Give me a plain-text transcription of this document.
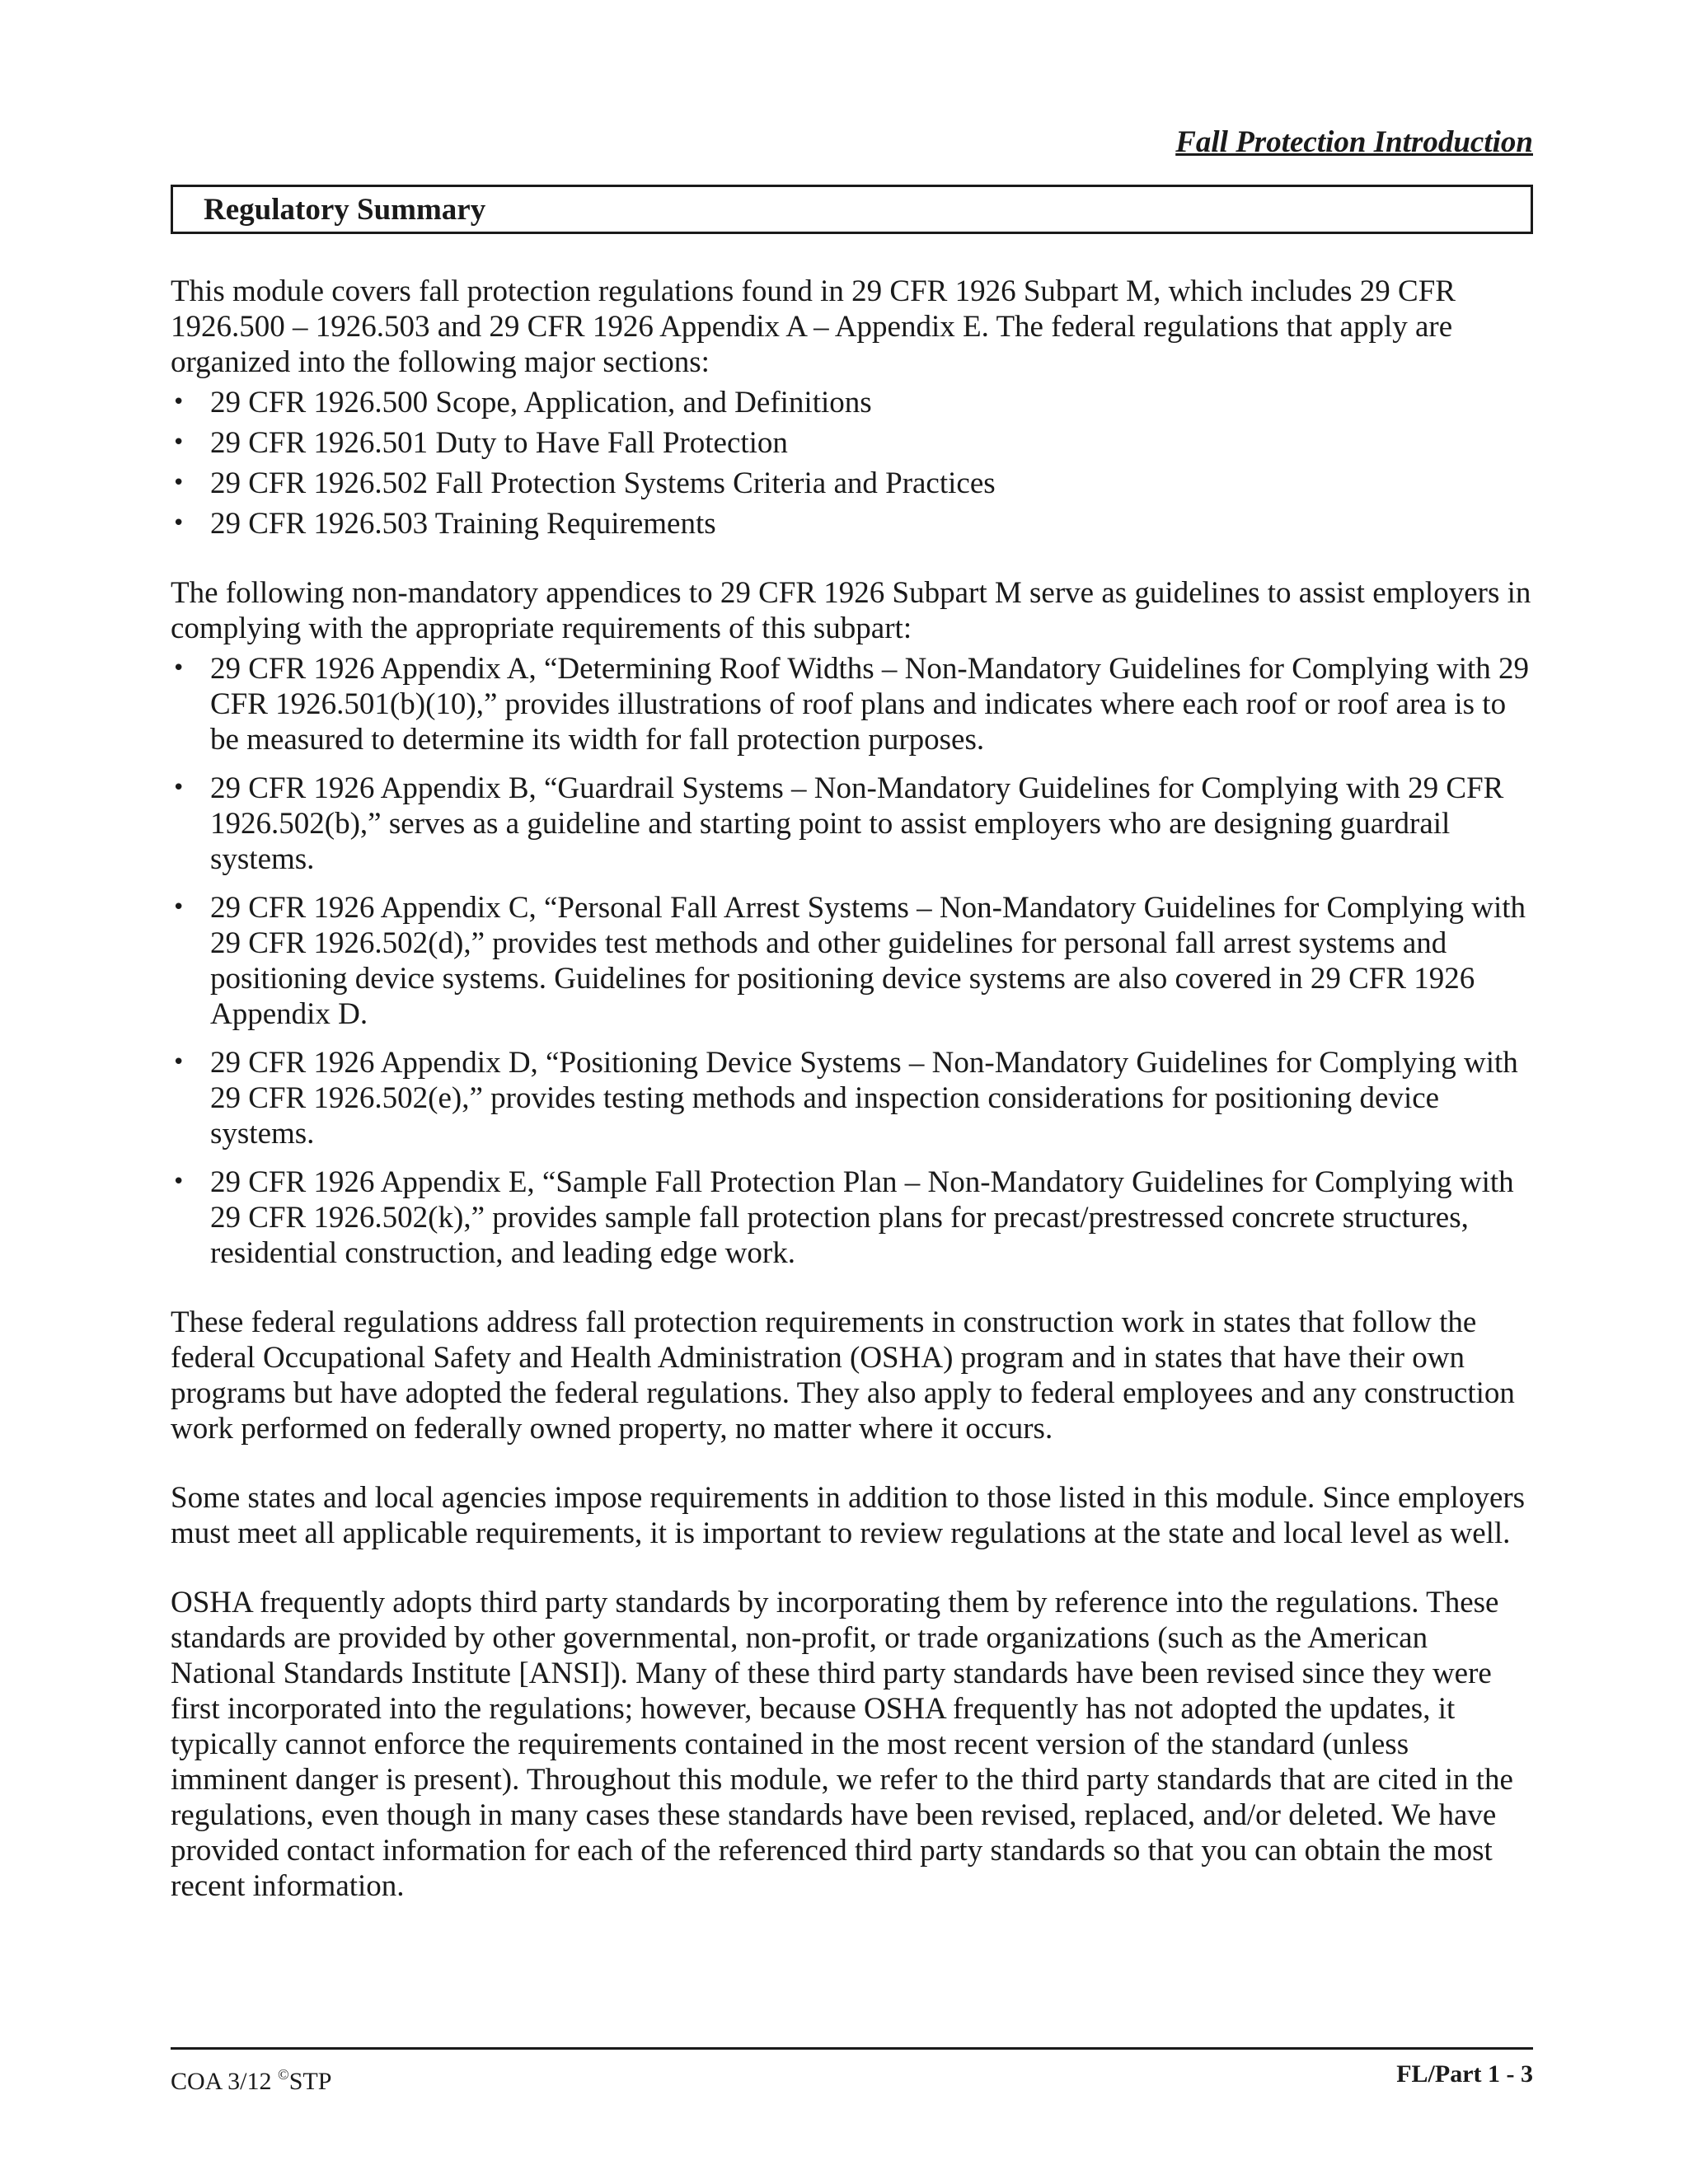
Fall Protection Introduction
Regulatory Summary

This module covers fall protection regulations found in 29 CFR 1926 Subpart M, which includes 29 CFR 1926.500 – 1926.503 and 29 CFR 1926 Appendix A – Appendix E. The federal regulations that apply are organized into the following major sections:

• 29 CFR 1926.500 Scope, Application, and Definitions
• 29 CFR 1926.501 Duty to Have Fall Protection
• 29 CFR 1926.502 Fall Protection Systems Criteria and Practices
• 29 CFR 1926.503 Training Requirements

The following non-mandatory appendices to 29 CFR 1926 Subpart M serve as guidelines to assist employers in complying with the appropriate requirements of this subpart:

• 29 CFR 1926 Appendix A, “Determining Roof Widths – Non-Mandatory Guidelines for Complying with 29 CFR 1926.501(b)(10),” provides illustrations of roof plans and indicates where each roof or roof area is to be measured to determine its width for fall protection purposes.
• 29 CFR 1926 Appendix B, “Guardrail Systems – Non-Mandatory Guidelines for Complying with 29 CFR 1926.502(b),” serves as a guideline and starting point to assist employers who are designing guardrail systems.
• 29 CFR 1926 Appendix C, “Personal Fall Arrest Systems – Non-Mandatory Guidelines for Complying with 29 CFR 1926.502(d),” provides test methods and other guidelines for personal fall arrest systems and positioning device systems. Guidelines for positioning device systems are also covered in 29 CFR 1926 Appendix D.
• 29 CFR 1926 Appendix D, “Positioning Device Systems – Non-Mandatory Guidelines for Complying with 29 CFR 1926.502(e),” provides testing methods and inspection considerations for positioning device systems.
• 29 CFR 1926 Appendix E, “Sample Fall Protection Plan – Non-Mandatory Guidelines for Complying with 29 CFR 1926.502(k),” provides sample fall protection plans for precast/prestressed concrete structures, residential construction, and leading edge work.

These federal regulations address fall protection requirements in construction work in states that follow the federal Occupational Safety and Health Administration (OSHA) program and in states that have their own programs but have adopted the federal regulations. They also apply to federal employees and any construction work performed on federally owned property, no matter where it occurs.

Some states and local agencies impose requirements in addition to those listed in this module. Since employers must meet all applicable requirements, it is important to review regulations at the state and local level as well.

OSHA frequently adopts third party standards by incorporating them by reference into the regulations. These standards are provided by other governmental, non-profit, or trade organizations (such as the American National Standards Institute [ANSI]). Many of these third party standards have been revised since they were first incorporated into the regulations; however, because OSHA frequently has not adopted the updates, it typically cannot enforce the requirements contained in the most recent version of the standard (unless imminent danger is present). Throughout this module, we refer to the third party standards that are cited in the regulations, even though in many cases these standards have been revised, replaced, and/or deleted. We have provided contact information for each of the referenced third party standards so that you can obtain the most recent information.

COA 3/12 ©STP	FL/Part 1 - 3
